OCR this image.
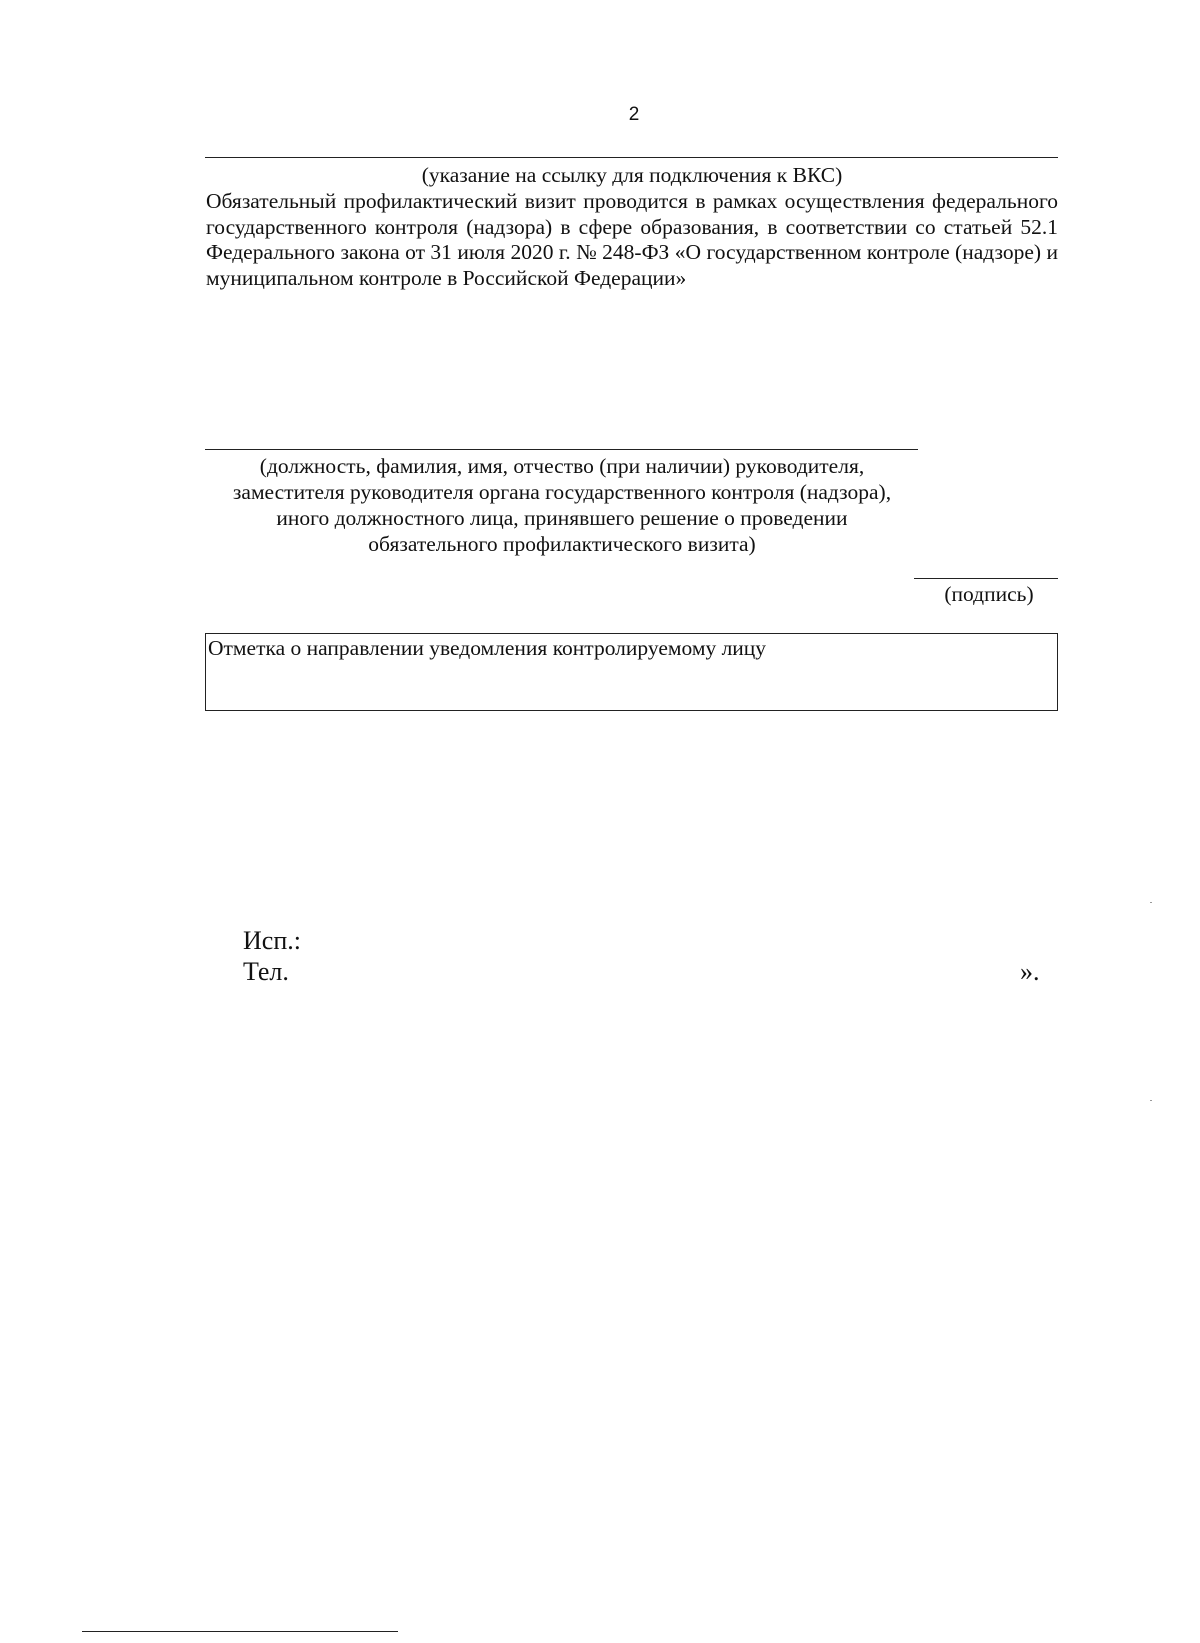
2
(указание на ссылку для подключения к ВКС)

Обязательный профилактический визит проводится в рамках осуществления федерального государственного контроля (надзора) в сфере образования, в соответствии со статьей 52.1 Федерального закона от 31 июля 2020 г. № 248-ФЗ «О государственном контроле (надзоре) и муниципальном контроле в Российской Федерации»

(должность, фамилия, имя, отчество (при наличии) руководителя,
заместителя руководителя органа государственного контроля (надзора),
иного должностного лица, принявшего решение о проведении
обязательного профилактического визита)
(подпись)
Отметка о направлении уведомления контролируемому лицу
Исп.:
Тел.	».
